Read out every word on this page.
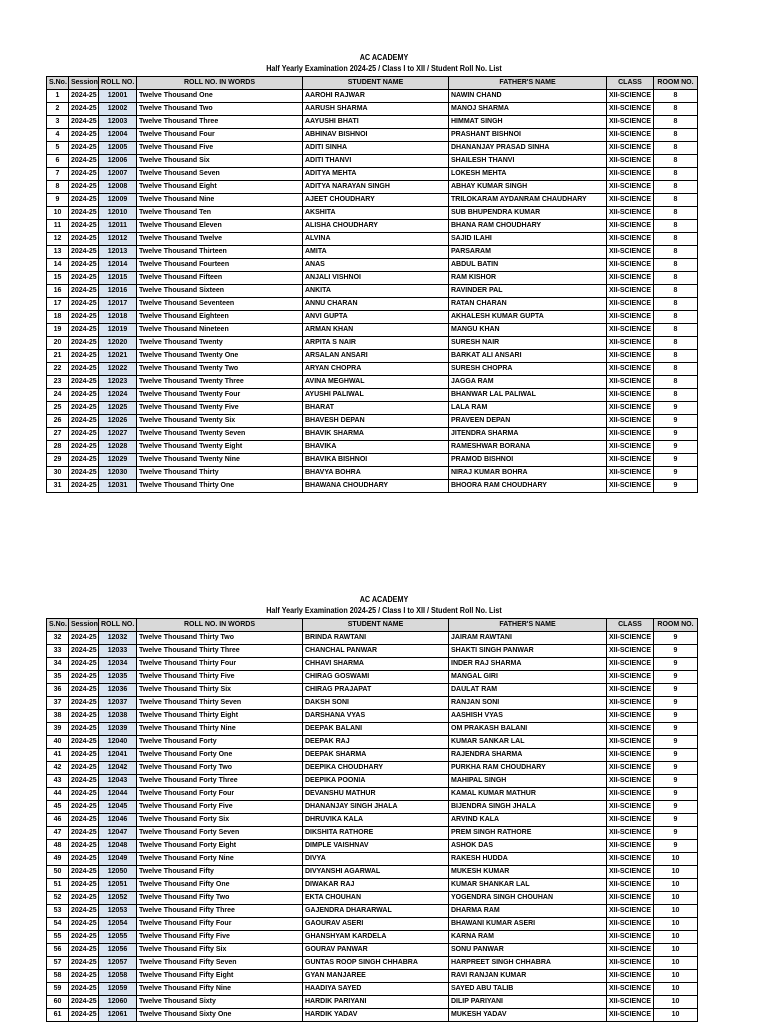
AC ACADEMY
Half Yearly Examination 2024-25 / Class I to XII / Student Roll No. List
S.No.	Session	ROLL NO.	ROLL NO. IN WORDS	STUDENT NAME	FATHER'S NAME	CLASS	ROOM NO.
1	2024-25	12001	Twelve Thousand One	AAROHI RAJWAR	NAWIN CHAND	XII-SCIENCE	8
2	2024-25	12002	Twelve Thousand Two	AARUSH SHARMA	MANOJ SHARMA	XII-SCIENCE	8
3	2024-25	12003	Twelve Thousand Three	AAYUSHI BHATI	HIMMAT SINGH	XII-SCIENCE	8
4	2024-25	12004	Twelve Thousand Four	ABHINAV BISHNOI	PRASHANT BISHNOI	XII-SCIENCE	8
5	2024-25	12005	Twelve Thousand Five	ADITI SINHA	DHANANJAY PRASAD SINHA	XII-SCIENCE	8
6	2024-25	12006	Twelve Thousand Six	ADITI THANVI	SHAILESH THANVI	XII-SCIENCE	8
7	2024-25	12007	Twelve Thousand Seven	ADITYA MEHTA	LOKESH MEHTA	XII-SCIENCE	8
8	2024-25	12008	Twelve Thousand Eight	ADITYA NARAYAN SINGH	ABHAY KUMAR SINGH	XII-SCIENCE	8
9	2024-25	12009	Twelve Thousand Nine	AJEET CHOUDHARY	TRILOKARAM AYDANRAM CHAUDHARY	XII-SCIENCE	8
10	2024-25	12010	Twelve Thousand Ten	AKSHITA	SUB BHUPENDRA KUMAR	XII-SCIENCE	8
11	2024-25	12011	Twelve Thousand Eleven	ALISHA CHOUDHARY	BHANA RAM CHOUDHARY	XII-SCIENCE	8
12	2024-25	12012	Twelve Thousand Twelve	ALVINA	SAJID ILAHI	XII-SCIENCE	8
13	2024-25	12013	Twelve Thousand Thirteen	AMITA	PARSARAM	XII-SCIENCE	8
14	2024-25	12014	Twelve Thousand Fourteen	ANAS	ABDUL BATIN	XII-SCIENCE	8
15	2024-25	12015	Twelve Thousand Fifteen	ANJALI VISHNOI	RAM KISHOR	XII-SCIENCE	8
16	2024-25	12016	Twelve Thousand Sixteen	ANKITA	RAVINDER PAL	XII-SCIENCE	8
17	2024-25	12017	Twelve Thousand Seventeen	ANNU CHARAN	RATAN CHARAN	XII-SCIENCE	8
18	2024-25	12018	Twelve Thousand Eighteen	ANVI GUPTA	AKHALESH KUMAR GUPTA	XII-SCIENCE	8
19	2024-25	12019	Twelve Thousand Nineteen	ARMAN KHAN	MANGU KHAN	XII-SCIENCE	8
20	2024-25	12020	Twelve Thousand Twenty	ARPITA S NAIR	SURESH NAIR	XII-SCIENCE	8
21	2024-25	12021	Twelve Thousand Twenty One	ARSALAN ANSARI	BARKAT ALI ANSARI	XII-SCIENCE	8
22	2024-25	12022	Twelve Thousand Twenty Two	ARYAN CHOPRA	SURESH CHOPRA	XII-SCIENCE	8
23	2024-25	12023	Twelve Thousand Twenty Three	AVINA MEGHWAL	JAGGA RAM	XII-SCIENCE	8
24	2024-25	12024	Twelve Thousand Twenty Four	AYUSHI PALIWAL	BHANWAR LAL PALIWAL	XII-SCIENCE	8
25	2024-25	12025	Twelve Thousand Twenty Five	BHARAT	LALA RAM	XII-SCIENCE	9
26	2024-25	12026	Twelve Thousand Twenty Six	BHAVESH DEPAN	PRAVEEN DEPAN	XII-SCIENCE	9
27	2024-25	12027	Twelve Thousand Twenty Seven	BHAVIK SHARMA	JITENDRA SHARMA	XII-SCIENCE	9
28	2024-25	12028	Twelve Thousand Twenty Eight	BHAVIKA	RAMESHWAR BORANA	XII-SCIENCE	9
29	2024-25	12029	Twelve Thousand Twenty Nine	BHAVIKA BISHNOI	PRAMOD BISHNOI	XII-SCIENCE	9
30	2024-25	12030	Twelve Thousand Thirty	BHAVYA BOHRA	NIRAJ KUMAR BOHRA	XII-SCIENCE	9
31	2024-25	12031	Twelve Thousand Thirty One	BHAWANA CHOUDHARY	BHOORA RAM CHOUDHARY	XII-SCIENCE	9
AC ACADEMY
Half Yearly Examination 2024-25 / Class I to XII / Student Roll No. List
S.No.	Session	ROLL NO.	ROLL NO. IN WORDS	STUDENT NAME	FATHER'S NAME	CLASS	ROOM NO.
32	2024-25	12032	Twelve Thousand Thirty Two	BRINDA RAWTANI	JAIRAM RAWTANI	XII-SCIENCE	9
33	2024-25	12033	Twelve Thousand Thirty Three	CHANCHAL PANWAR	SHAKTI SINGH PANWAR	XII-SCIENCE	9
34	2024-25	12034	Twelve Thousand Thirty Four	CHHAVI SHARMA	INDER RAJ SHARMA	XII-SCIENCE	9
35	2024-25	12035	Twelve Thousand Thirty Five	CHIRAG GOSWAMI	MANGAL GIRI	XII-SCIENCE	9
36	2024-25	12036	Twelve Thousand Thirty Six	CHIRAG PRAJAPAT	DAULAT RAM	XII-SCIENCE	9
37	2024-25	12037	Twelve Thousand Thirty Seven	DAKSH SONI	RANJAN SONI	XII-SCIENCE	9
38	2024-25	12038	Twelve Thousand Thirty Eight	DARSHANA VYAS	AASHISH VYAS	XII-SCIENCE	9
39	2024-25	12039	Twelve Thousand Thirty Nine	DEEPAK BALANI	OM PRAKASH BALANI	XII-SCIENCE	9
40	2024-25	12040	Twelve Thousand Forty	DEEPAK RAJ	KUMAR SANKAR LAL	XII-SCIENCE	9
41	2024-25	12041	Twelve Thousand Forty One	DEEPAK SHARMA	RAJENDRA SHARMA	XII-SCIENCE	9
42	2024-25	12042	Twelve Thousand Forty Two	DEEPIKA CHOUDHARY	PURKHA RAM CHOUDHARY	XII-SCIENCE	9
43	2024-25	12043	Twelve Thousand Forty Three	DEEPIKA POONIA	MAHIPAL SINGH	XII-SCIENCE	9
44	2024-25	12044	Twelve Thousand Forty Four	DEVANSHU MATHUR	KAMAL KUMAR MATHUR	XII-SCIENCE	9
45	2024-25	12045	Twelve Thousand Forty Five	DHANANJAY SINGH JHALA	BIJENDRA SINGH JHALA	XII-SCIENCE	9
46	2024-25	12046	Twelve Thousand Forty Six	DHRUVIKA KALA	ARVIND KALA	XII-SCIENCE	9
47	2024-25	12047	Twelve Thousand Forty Seven	DIKSHITA RATHORE	PREM SINGH RATHORE	XII-SCIENCE	9
48	2024-25	12048	Twelve Thousand Forty Eight	DIMPLE VAISHNAV	ASHOK DAS	XII-SCIENCE	9
49	2024-25	12049	Twelve Thousand Forty Nine	DIVYA	RAKESH HUDDA	XII-SCIENCE	10
50	2024-25	12050	Twelve Thousand Fifty	DIVYANSHI AGARWAL	MUKESH KUMAR	XII-SCIENCE	10
51	2024-25	12051	Twelve Thousand Fifty One	DIWAKAR RAJ	KUMAR SHANKAR LAL	XII-SCIENCE	10
52	2024-25	12052	Twelve Thousand Fifty Two	EKTA CHOUHAN	YOGENDRA SINGH CHOUHAN	XII-SCIENCE	10
53	2024-25	12053	Twelve Thousand Fifty Three	GAJENDRA DHARARWAL	DHARMA RAM	XII-SCIENCE	10
54	2024-25	12054	Twelve Thousand Fifty Four	GAOURAV ASERI	BHAWANI KUMAR ASERI	XII-SCIENCE	10
55	2024-25	12055	Twelve Thousand Fifty Five	GHANSHYAM KARDELA	KARNA RAM	XII-SCIENCE	10
56	2024-25	12056	Twelve Thousand Fifty Six	GOURAV PANWAR	SONU PANWAR	XII-SCIENCE	10
57	2024-25	12057	Twelve Thousand Fifty Seven	GUNTAS ROOP SINGH CHHABRA	HARPREET SINGH CHHABRA	XII-SCIENCE	10
58	2024-25	12058	Twelve Thousand Fifty Eight	GYAN MANJAREE	RAVI RANJAN KUMAR	XII-SCIENCE	10
59	2024-25	12059	Twelve Thousand Fifty Nine	HAADIYA SAYED	SAYED ABU TALIB	XII-SCIENCE	10
60	2024-25	12060	Twelve Thousand Sixty	HARDIK PARIYANI	DILIP PARIYANI	XII-SCIENCE	10
61	2024-25	12061	Twelve Thousand Sixty One	HARDIK YADAV	MUKESH YADAV	XII-SCIENCE	10
